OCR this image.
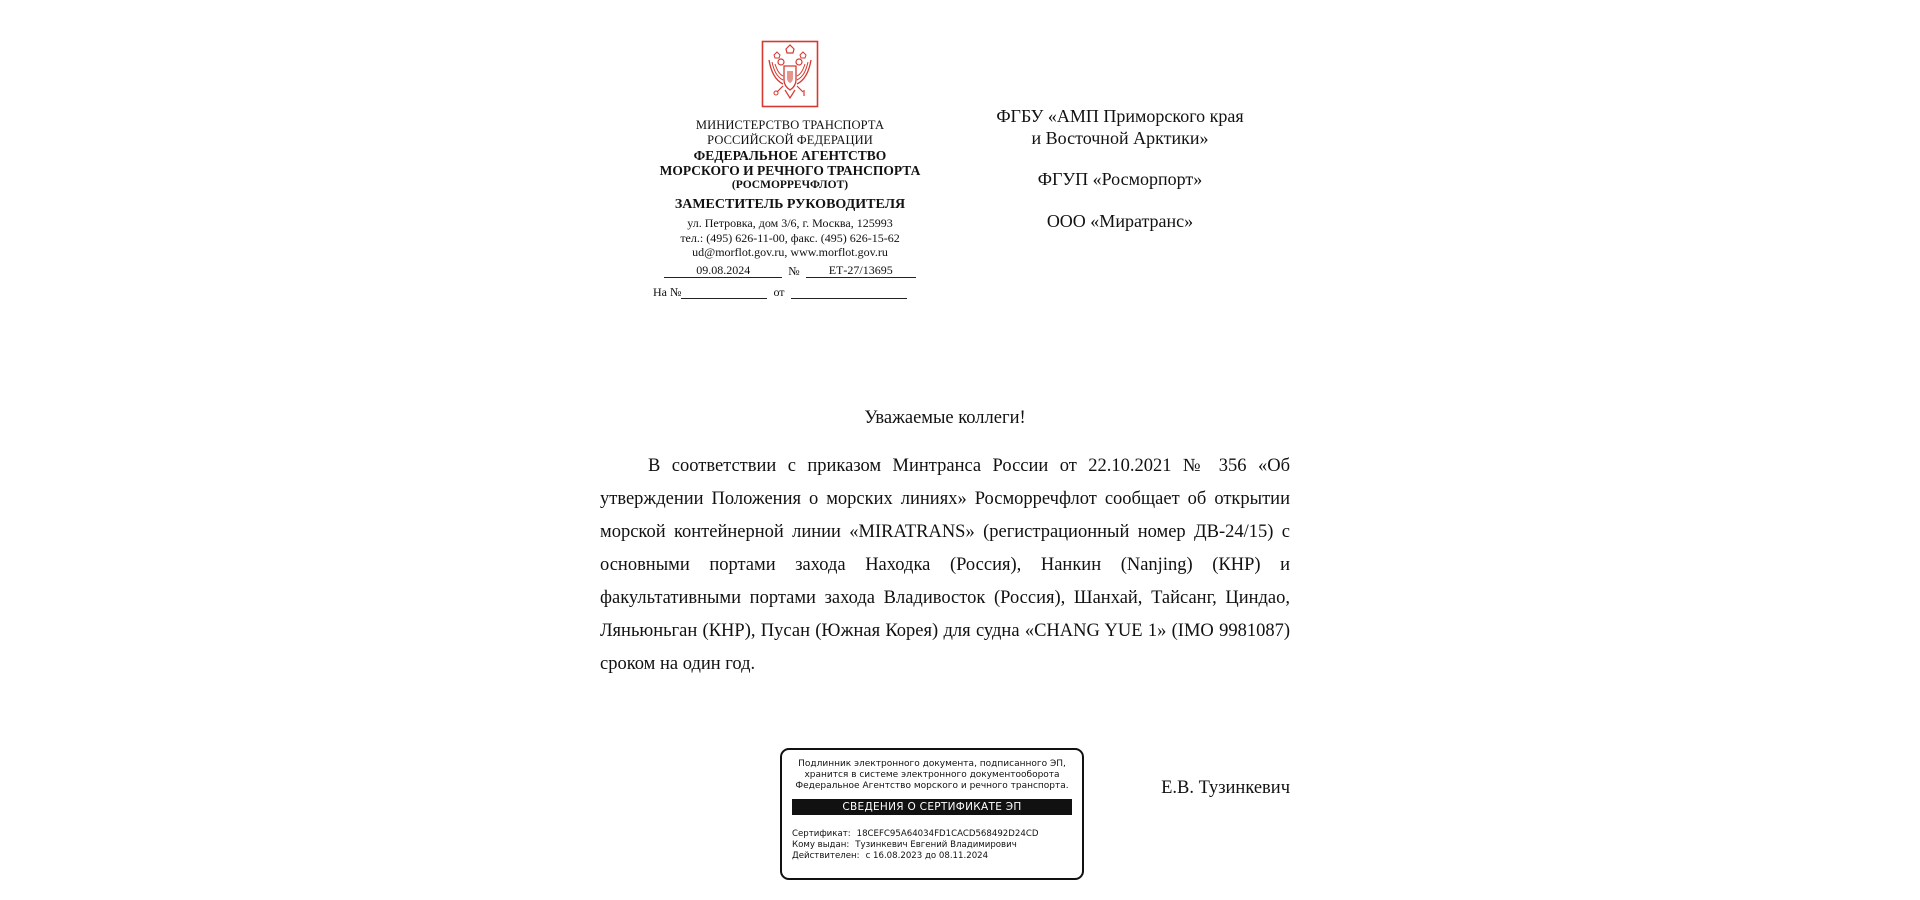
МИНИСТЕРСТВО ТРАНСПОРТА
РОССИЙСКОЙ ФЕДЕРАЦИИ
ФЕДЕРАЛЬНОЕ АГЕНТСТВО
МОРСКОГО И РЕЧНОГО ТРАНСПОРТА
(РОСМОРРЕЧФЛОТ)
ЗАМЕСТИТЕЛЬ РУКОВОДИТЕЛЯ
ул. Петровка, дом 3/6, г. Москва, 125993
тел.: (495) 626-11-00, факс. (495) 626-15-62
ud@morflot.gov.ru, www.morflot.gov.ru
09.08.2024	№	ЕТ-27/13695
На №	от
ФГБУ «АМП Приморского края
и Восточной Арктики»
ФГУП «Росморпорт»
ООО «Миратранс»
Уважаемые коллеги!

В соответствии с приказом Минтранса России от 22.10.2021 № 356 «Об утверждении Положения о морских линиях» Росморречфлот сообщает об открытии морской контейнерной линии «MIRATRANS» (регистрационный номер ДВ-24/15) с основными портами захода Находка (Россия), Нанкин (Nanjing) (КНР) и факультативными портами захода Владивосток (Россия), Шанхай, Тайсанг, Циндао, Ляньюньган (КНР), Пусан (Южная Корея) для судна «CHANG YUE 1» (IMO 9981087) сроком на один год.

Подлинник электронного документа, подписанного ЭП,
хранится в системе электронного документооборота
Федеральное Агентство морского и речного транспорта.
СВЕДЕНИЯ О СЕРТИФИКАТЕ ЭП
Сертификат: 18CEFC95A64034FD1CACD568492D24CD
Кому выдан: Тузинкевич Евгений Владимирович
Действителен: с 16.08.2023 до 08.11.2024
Е.В. Тузинкевич
